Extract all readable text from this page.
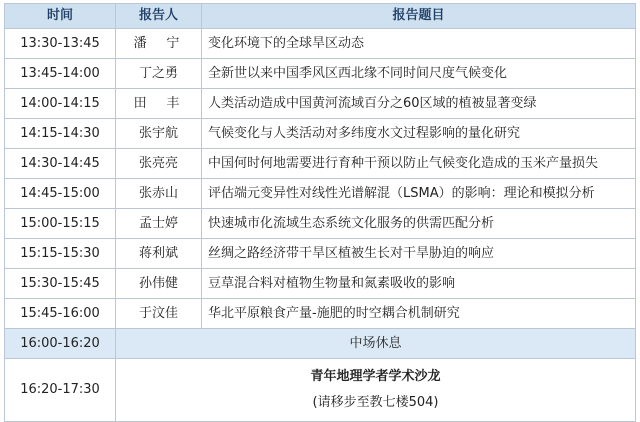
时间	报告人	报告题目
13:30-13:45	潘 宁	变化环境下的全球旱区动态
13:45-14:00	丁之勇	全新世以来中国季风区西北缘不同时间尺度气候变化
14:00-14:15	田 丰	人类活动造成中国黄河流域百分之60区域的植被显著变绿
14:15-14:30	张宇航	气候变化与人类活动对多纬度水文过程影响的量化研究
14:30-14:45	张亮亮	中国何时何地需要进行育种干预以防止气候变化造成的玉米产量损失
14:45-15:00	张赤山	评估端元变异性对线性光谱解混（LSMA）的影响：理论和模拟分析
15:00-15:15	孟士婷	快速城市化流域生态系统文化服务的供需匹配分析
15:15-15:30	蒋利斌	丝绸之路经济带干旱区植被生长对干旱胁迫的响应
15:30-15:45	孙伟健	豆草混合料对植物生物量和氮素吸收的影响
15:45-16:00	于汶佳	华北平原粮食产量-施肥的时空耦合机制研究
16:00-16:20	中场休息	
16:20-17:30	青年地理学者学术沙龙
(请移步至教七楼504)	
